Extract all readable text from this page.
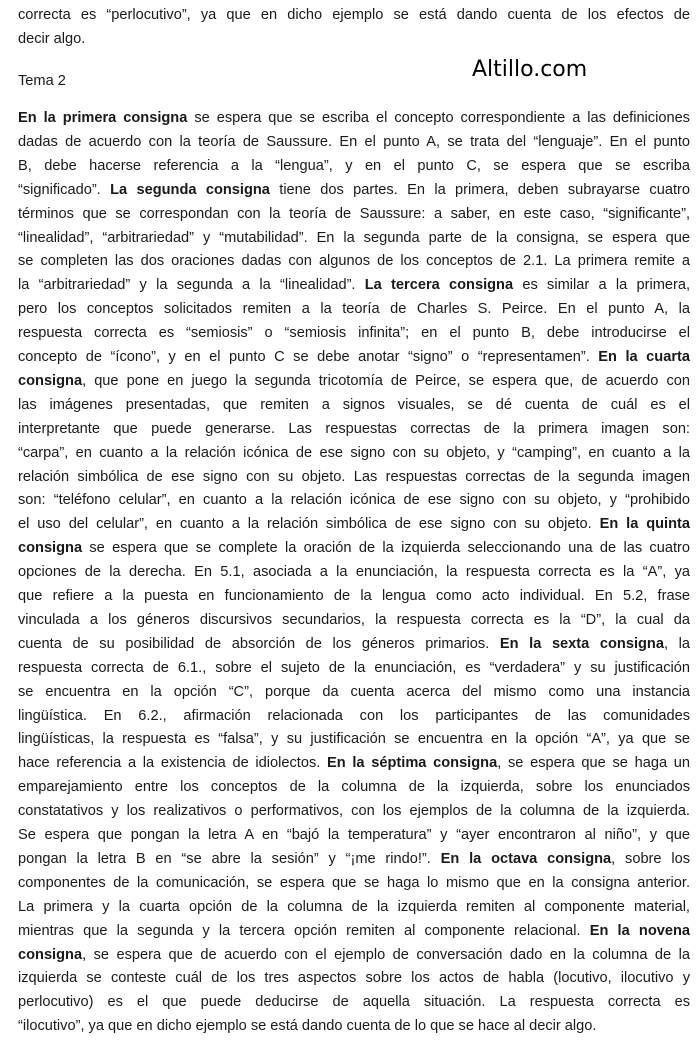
correcta es “perlocutivo”, ya que en dicho ejemplo se está dando cuenta de los efectos de
decir algo.
Tema 2	Altillo.com
En la primera consigna se espera que se escriba el concepto correspondiente a las definiciones
dadas de acuerdo con la teoría de Saussure. En el punto A, se trata del “lenguaje”. En el punto
B, debe hacerse referencia a la “lengua”, y en el punto C, se espera que se escriba
“significado”. La segunda consigna tiene dos partes. En la primera, deben subrayarse cuatro
términos que se correspondan con la teoría de Saussure: a saber, en este caso, “significante”,
“linealidad”, “arbitrariedad” y “mutabilidad”. En la segunda parte de la consigna, se espera que
se completen las dos oraciones dadas con algunos de los conceptos de 2.1. La primera remite a
la “arbitrariedad” y la segunda a la “linealidad”. La tercera consigna es similar a la primera,
pero los conceptos solicitados remiten a la teoría de Charles S. Peirce. En el punto A, la
respuesta correcta es “semiosis” o “semiosis infinita”; en el punto B, debe introducirse el
concepto de “ícono”, y en el punto C se debe anotar “signo” o “representamen”. En la cuarta
consigna, que pone en juego la segunda tricotomía de Peirce, se espera que, de acuerdo con
las imágenes presentadas, que remiten a signos visuales, se dé cuenta de cuál es el
interpretante que puede generarse. Las respuestas correctas de la primera imagen son:
“carpa”, en cuanto a la relación icónica de ese signo con su objeto, y “camping”, en cuanto a la
relación simbólica de ese signo con su objeto. Las respuestas correctas de la segunda imagen
son: “teléfono celular”, en cuanto a la relación icónica de ese signo con su objeto, y “prohibido
el uso del celular”, en cuanto a la relación simbólica de ese signo con su objeto. En la quinta
consigna se espera que se complete la oración de la izquierda seleccionando una de las cuatro
opciones de la derecha. En 5.1, asociada a la enunciación, la respuesta correcta es la “A”, ya
que refiere a la puesta en funcionamiento de la lengua como acto individual. En 5.2, frase
vinculada a los géneros discursivos secundarios, la respuesta correcta es la “D”, la cual da
cuenta de su posibilidad de absorción de los géneros primarios. En la sexta consigna, la
respuesta correcta de 6.1., sobre el sujeto de la enunciación, es “verdadera” y su justificación
se encuentra en la opción “C”, porque da cuenta acerca del mismo como una instancia
lingüística. En 6.2., afirmación relacionada con los participantes de las comunidades
lingüísticas, la respuesta es “falsa”, y su justificación se encuentra en la opción “A”, ya que se
hace referencia a la existencia de idiolectos. En la séptima consigna, se espera que se haga un
emparejamiento entre los conceptos de la columna de la izquierda, sobre los enunciados
constatativos y los realizativos o performativos, con los ejemplos de la columna de la izquierda.
Se espera que pongan la letra A en “bajó la temperatura” y “ayer encontraron al niño”, y que
pongan la letra B en “se abre la sesión” y “¡me rindo!”. En la octava consigna, sobre los
componentes de la comunicación, se espera que se haga lo mismo que en la consigna anterior.
La primera y la cuarta opción de la columna de la izquierda remiten al componente material,
mientras que la segunda y la tercera opción remiten al componente relacional. En la novena
consigna, se espera que de acuerdo con el ejemplo de conversación dado en la columna de la
izquierda se conteste cuál de los tres aspectos sobre los actos de habla (locutivo, ilocutivo y
perlocutivo) es el que puede deducirse de aquella situación. La respuesta correcta es
“ilocutivo”, ya que en dicho ejemplo se está dando cuenta de lo que se hace al decir algo.
